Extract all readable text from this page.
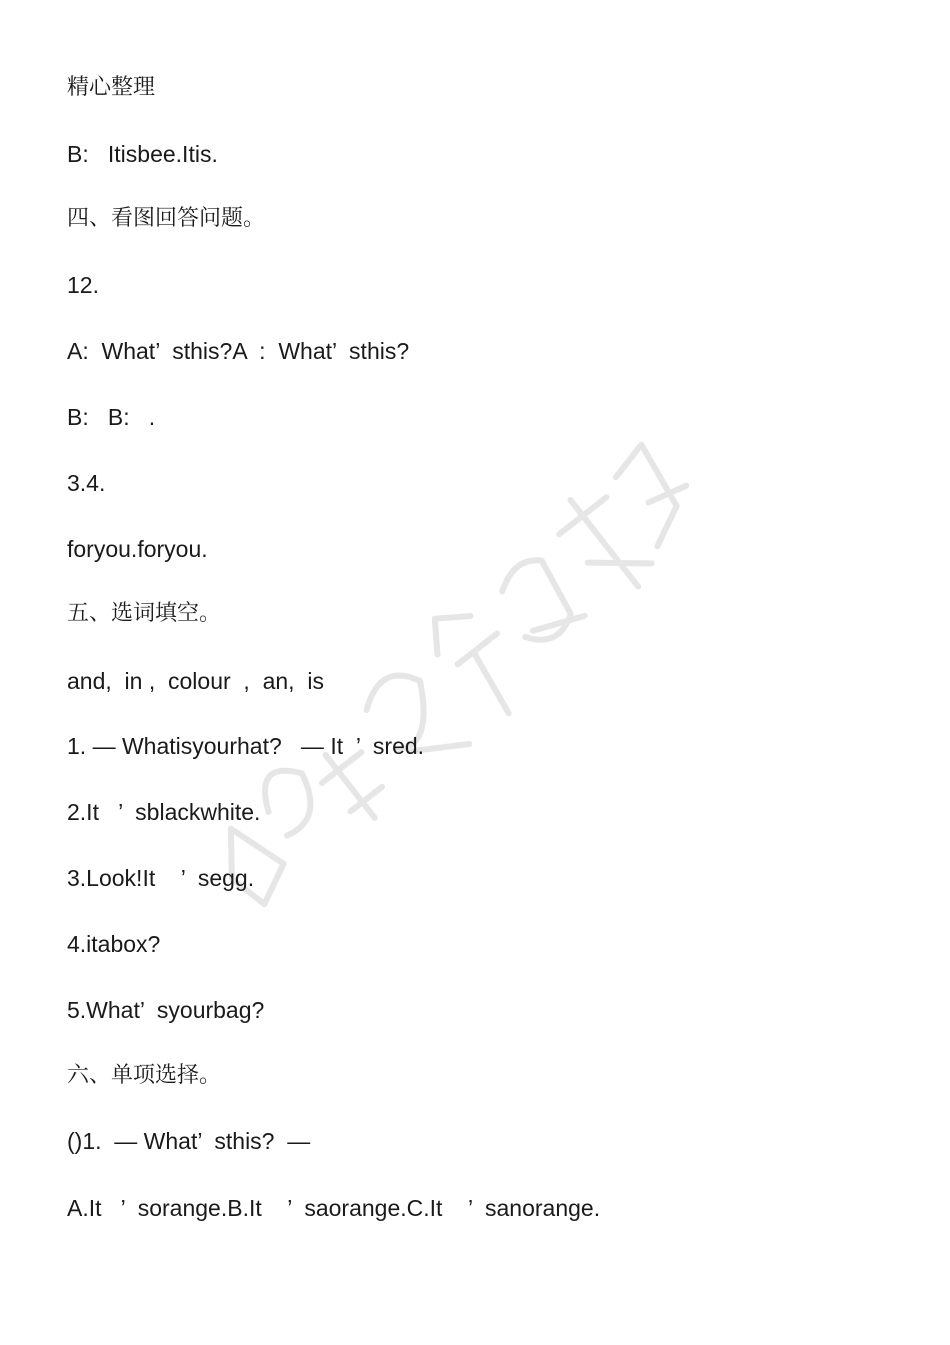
精心整理
B:   Itisbee.Itis.
四、看图回答问题。
12.
A:  What’  sthis?A  :  What’  sthis?
B:   B:   .
3.4.
foryou.foryou.
五、选词填空。
and,  in ,  colour  ,  an,  is
1. — Whatisyourhat?   — It  ’  sred.
2.It   ’  sblackwhite.
3.Look!It    ’  segg.
4.itabox?
5.What’  syourbag?
六、单项选择。
()1.  — What’  sthis?  —
A.It   ’  sorange.B.It    ’  saorange.C.It    ’  sanorange.
